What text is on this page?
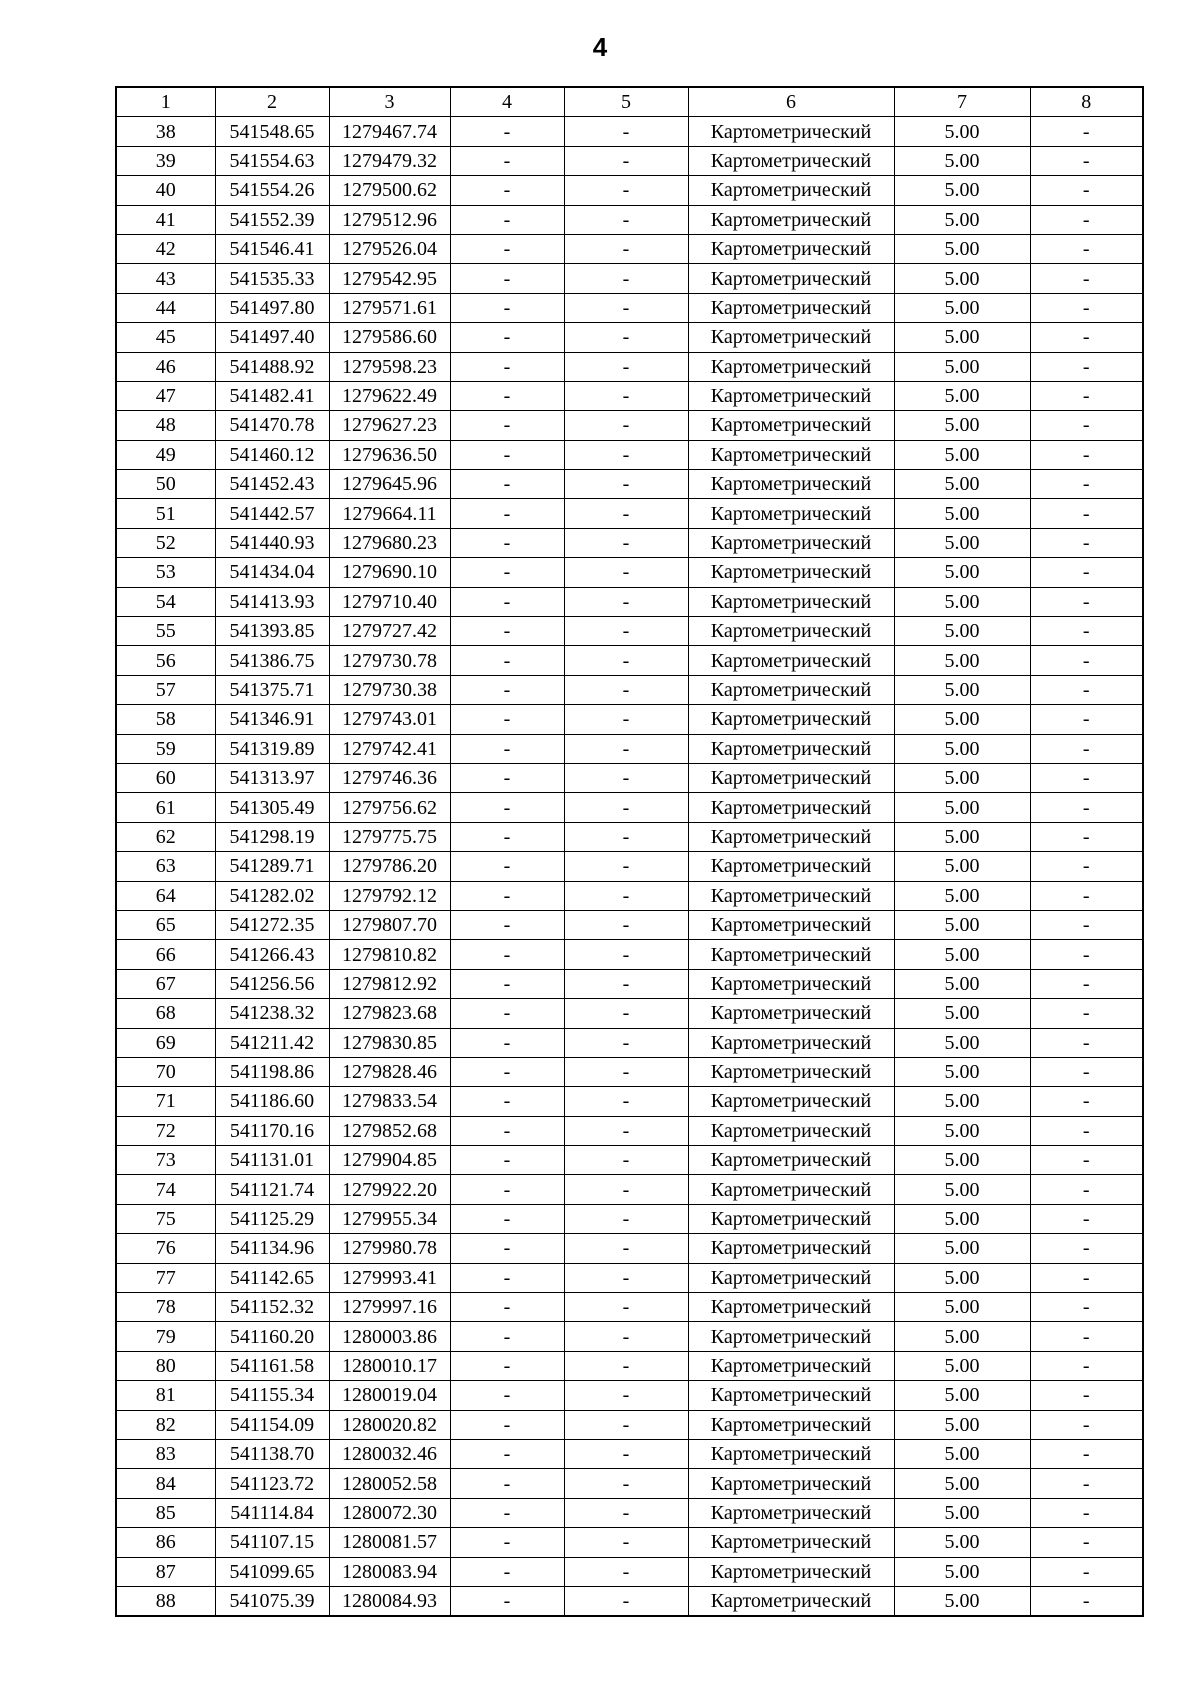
4
1	2	3	4	5	6	7	8
38	541548.65	1279467.74	-	-	Картометрический	5.00	-
39	541554.63	1279479.32	-	-	Картометрический	5.00	-
40	541554.26	1279500.62	-	-	Картометрический	5.00	-
41	541552.39	1279512.96	-	-	Картометрический	5.00	-
42	541546.41	1279526.04	-	-	Картометрический	5.00	-
43	541535.33	1279542.95	-	-	Картометрический	5.00	-
44	541497.80	1279571.61	-	-	Картометрический	5.00	-
45	541497.40	1279586.60	-	-	Картометрический	5.00	-
46	541488.92	1279598.23	-	-	Картометрический	5.00	-
47	541482.41	1279622.49	-	-	Картометрический	5.00	-
48	541470.78	1279627.23	-	-	Картометрический	5.00	-
49	541460.12	1279636.50	-	-	Картометрический	5.00	-
50	541452.43	1279645.96	-	-	Картометрический	5.00	-
51	541442.57	1279664.11	-	-	Картометрический	5.00	-
52	541440.93	1279680.23	-	-	Картометрический	5.00	-
53	541434.04	1279690.10	-	-	Картометрический	5.00	-
54	541413.93	1279710.40	-	-	Картометрический	5.00	-
55	541393.85	1279727.42	-	-	Картометрический	5.00	-
56	541386.75	1279730.78	-	-	Картометрический	5.00	-
57	541375.71	1279730.38	-	-	Картометрический	5.00	-
58	541346.91	1279743.01	-	-	Картометрический	5.00	-
59	541319.89	1279742.41	-	-	Картометрический	5.00	-
60	541313.97	1279746.36	-	-	Картометрический	5.00	-
61	541305.49	1279756.62	-	-	Картометрический	5.00	-
62	541298.19	1279775.75	-	-	Картометрический	5.00	-
63	541289.71	1279786.20	-	-	Картометрический	5.00	-
64	541282.02	1279792.12	-	-	Картометрический	5.00	-
65	541272.35	1279807.70	-	-	Картометрический	5.00	-
66	541266.43	1279810.82	-	-	Картометрический	5.00	-
67	541256.56	1279812.92	-	-	Картометрический	5.00	-
68	541238.32	1279823.68	-	-	Картометрический	5.00	-
69	541211.42	1279830.85	-	-	Картометрический	5.00	-
70	541198.86	1279828.46	-	-	Картометрический	5.00	-
71	541186.60	1279833.54	-	-	Картометрический	5.00	-
72	541170.16	1279852.68	-	-	Картометрический	5.00	-
73	541131.01	1279904.85	-	-	Картометрический	5.00	-
74	541121.74	1279922.20	-	-	Картометрический	5.00	-
75	541125.29	1279955.34	-	-	Картометрический	5.00	-
76	541134.96	1279980.78	-	-	Картометрический	5.00	-
77	541142.65	1279993.41	-	-	Картометрический	5.00	-
78	541152.32	1279997.16	-	-	Картометрический	5.00	-
79	541160.20	1280003.86	-	-	Картометрический	5.00	-
80	541161.58	1280010.17	-	-	Картометрический	5.00	-
81	541155.34	1280019.04	-	-	Картометрический	5.00	-
82	541154.09	1280020.82	-	-	Картометрический	5.00	-
83	541138.70	1280032.46	-	-	Картометрический	5.00	-
84	541123.72	1280052.58	-	-	Картометрический	5.00	-
85	541114.84	1280072.30	-	-	Картометрический	5.00	-
86	541107.15	1280081.57	-	-	Картометрический	5.00	-
87	541099.65	1280083.94	-	-	Картометрический	5.00	-
88	541075.39	1280084.93	-	-	Картометрический	5.00	-
